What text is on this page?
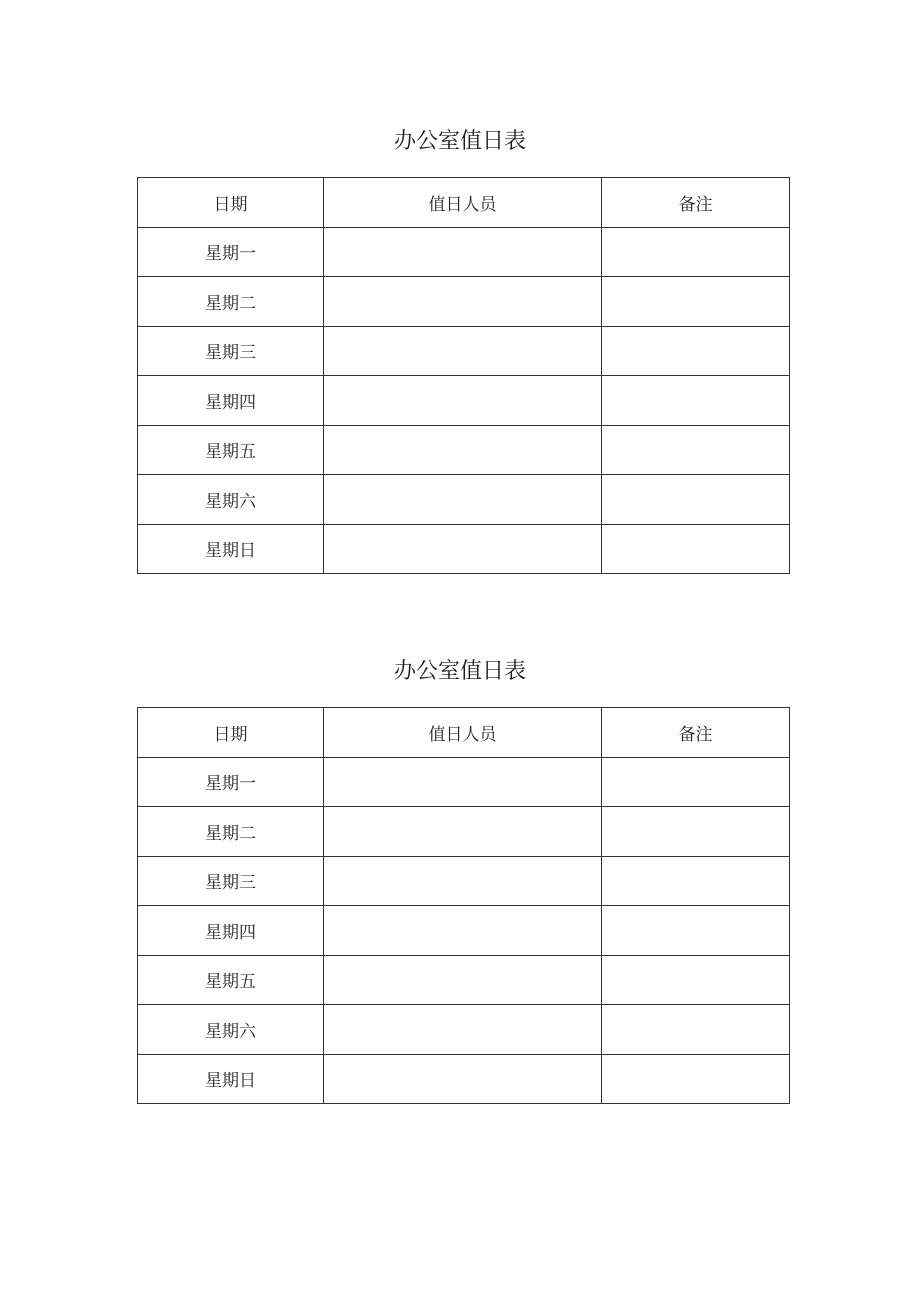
办公室值日表
日期	值日人员	备注
星期一		
星期二		
星期三		
星期四		
星期五		
星期六		
星期日		
办公室值日表
日期	值日人员	备注
星期一		
星期二		
星期三		
星期四		
星期五		
星期六		
星期日		
